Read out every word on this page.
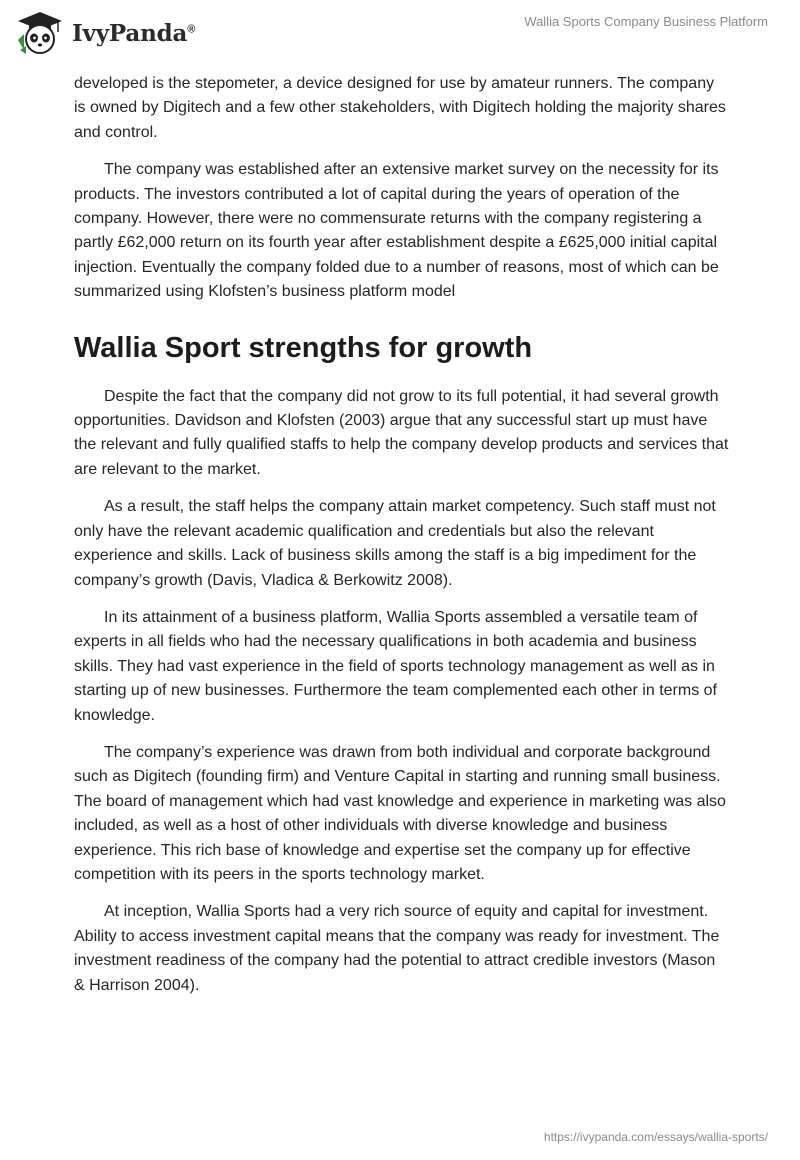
IvyPanda®	Wallia Sports Company Business Platform

developed is the stepometer, a device designed for use by amateur runners. The company is owned by Digitech and a few other stakeholders, with Digitech holding the majority shares and control.

The company was established after an extensive market survey on the necessity for its products. The investors contributed a lot of capital during the years of operation of the company. However, there were no commensurate returns with the company registering a partly £62,000 return on its fourth year after establishment despite a £625,000 initial capital injection. Eventually the company folded due to a number of reasons, most of which can be summarized using Klofsten’s business platform model

Wallia Sport strengths for growth

Despite the fact that the company did not grow to its full potential, it had several growth opportunities. Davidson and Klofsten (2003) argue that any successful start up must have the relevant and fully qualified staffs to help the company develop products and services that are relevant to the market.

As a result, the staff helps the company attain market competency. Such staff must not only have the relevant academic qualification and credentials but also the relevant experience and skills. Lack of business skills among the staff is a big impediment for the company’s growth (Davis, Vladica & Berkowitz 2008).

In its attainment of a business platform, Wallia Sports assembled a versatile team of experts in all fields who had the necessary qualifications in both academia and business skills. They had vast experience in the field of sports technology management as well as in starting up of new businesses. Furthermore the team complemented each other in terms of knowledge.

The company’s experience was drawn from both individual and corporate background such as Digitech (founding firm) and Venture Capital in starting and running small business. The board of management which had vast knowledge and experience in marketing was also included, as well as a host of other individuals with diverse knowledge and business experience. This rich base of knowledge and expertise set the company up for effective competition with its peers in the sports technology market.

At inception, Wallia Sports had a very rich source of equity and capital for investment. Ability to access investment capital means that the company was ready for investment. The investment readiness of the company had the potential to attract credible investors (Mason & Harrison 2004).

https://ivypanda.com/essays/wallia-sports/
